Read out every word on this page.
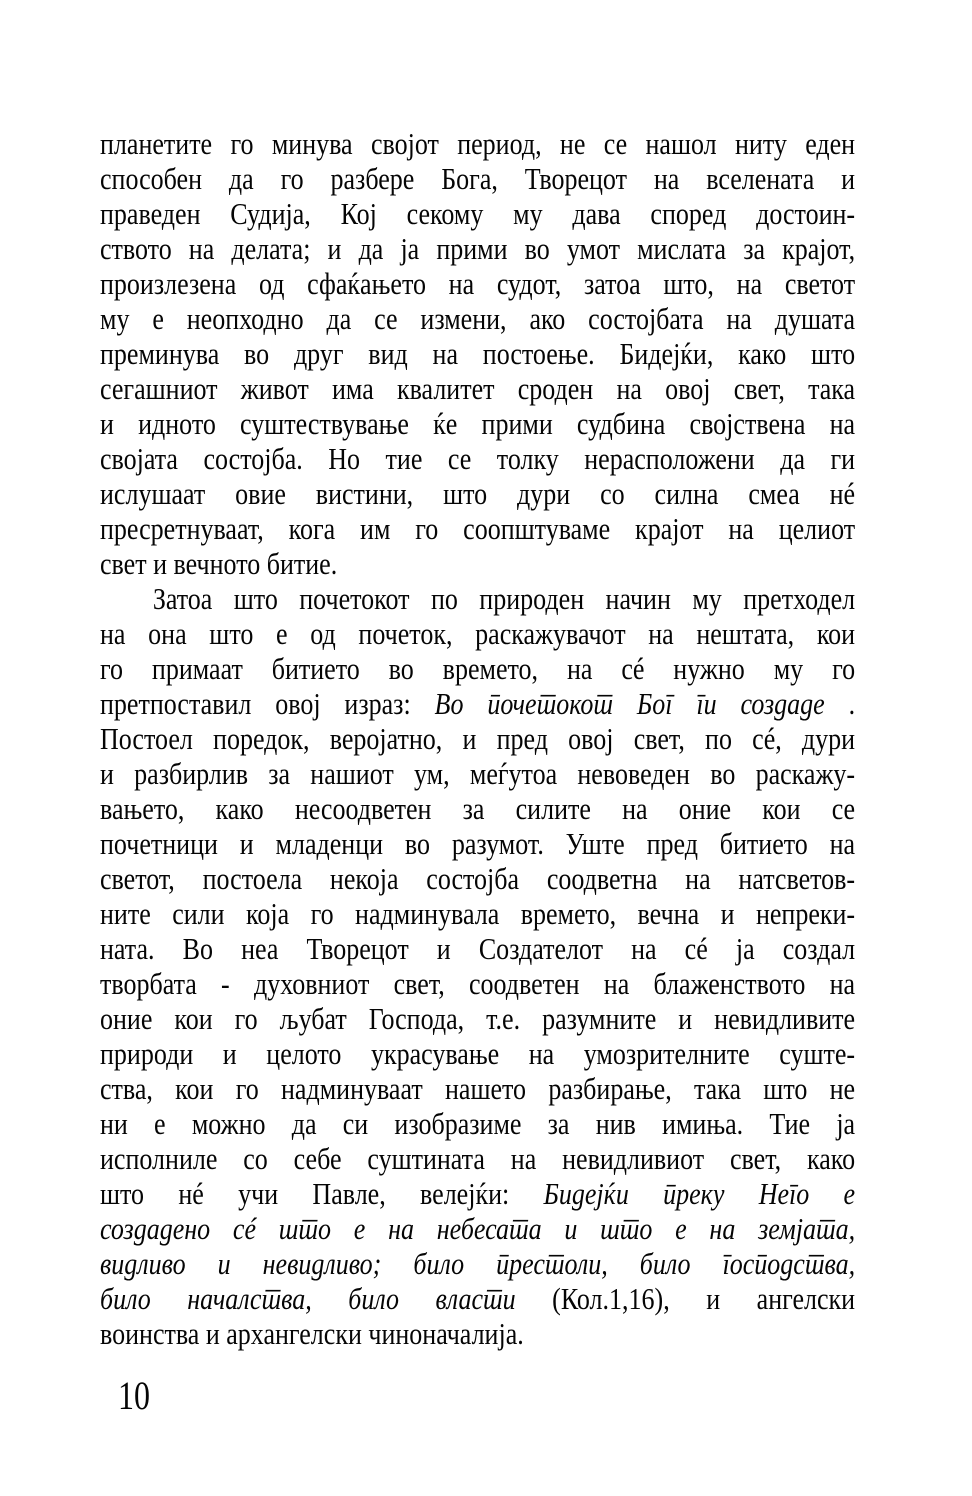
планетите го минува својот период, не се нашол ниту еден
способен да го разбере Бога, Творецот на вселената и
праведен Судија, Кој секому му дава според достоин-
ството на делата; и да ја прими во умот мислата за крајот,
произлезена од сфаќањето на судот, затоа што, на светот
му е неопходно да се измени, ако состојбата на душата
преминува во друг вид на постоење. Бидејќи, како што
сегашниот живот има квалитет сроден на овој свет, така
и идното суштествување ќе прими судбина својствена на
својата состојба. Но тие се толку нерасположени да ги
ислушаат овие вистини, што дури со силна смеа нé
пресретнуваат, кога им го соопштуваме крајот на целиот
свет и вечното битие.
Затоа што почетокот по природен начин му претходел
на она што е од почеток, раскажувачот на нештата, кои
го примаат битието во времето, на сé нужно му го
претпоставил овој израз: Во почетокот Бог ги создаде .
Постоел поредок, веројатно, и пред овој свет, по сé, дури
и разбирлив за нашиот ум, меѓутоа невоведен во раскажу-
вањето, како несоодветен за силите на оние кои се
почетници и младенци во разумот. Уште пред битието на
светот, постоела некоја состојба соодветна на натсветов-
ните сили која го надминувала времето, вечна и непреки-
ната. Во неа Творецот и Создателот на сé ја создал
творбата - духовниот свет, соодветен на блаженството на
оние кои го љубат Господа, т.е. разумните и невидливите
природи и целото украсување на умозрителните суште-
ства, кои го надминуваат нашето разбирање, така што не
ни е можно да си изобразиме за нив имиња. Тие ја
исполниле со себе суштината на невидливиот свет, како
што нé учи Павле, велејќи: Бидејќи преку Него е
создадено сé што е на небесата и што е на земјата,
видливо и невидливо; било престоли, било господства,
било началства, било власти (Кол.1,16), и ангелски
воинства и архангелски чиноначалија.
10
